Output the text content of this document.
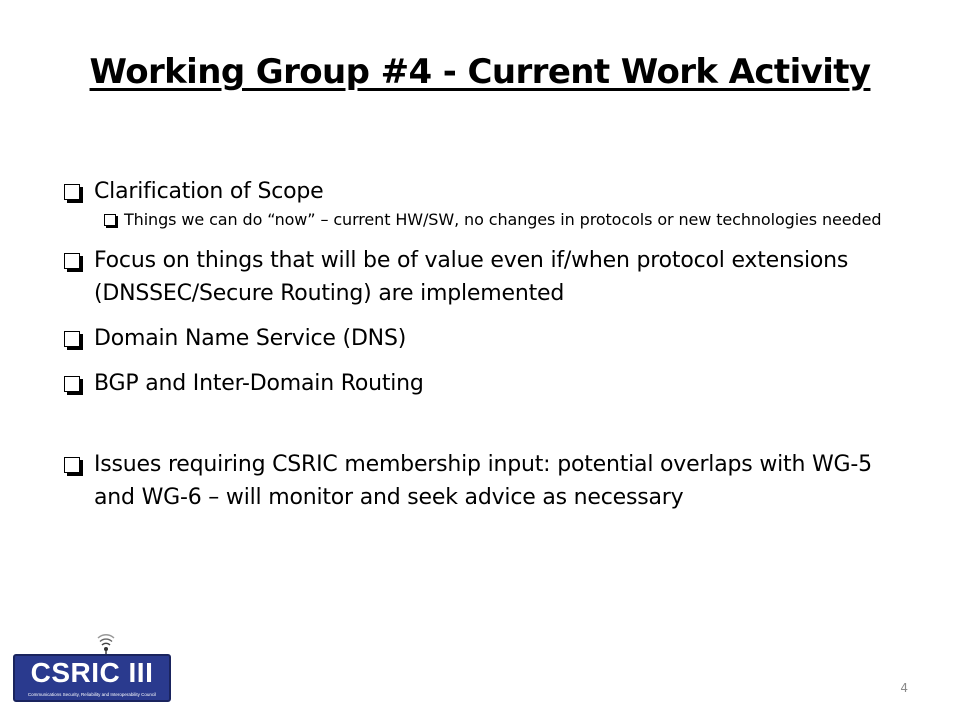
Working Group #4 - Current Work Activity
Clarification of Scope
Things we can do “now” – current HW/SW, no changes in protocols or new technologies needed
Focus on things that will be of value even if/when protocol extensions (DNSSEC/Secure Routing) are implemented
Domain Name Service (DNS)
BGP and Inter-Domain Routing
Issues requiring CSRIC membership input: potential overlaps with WG-5 and WG-6 – will monitor and seek advice as necessary
CSRIC III
Communications Security, Reliability and Interoperability Council	4
